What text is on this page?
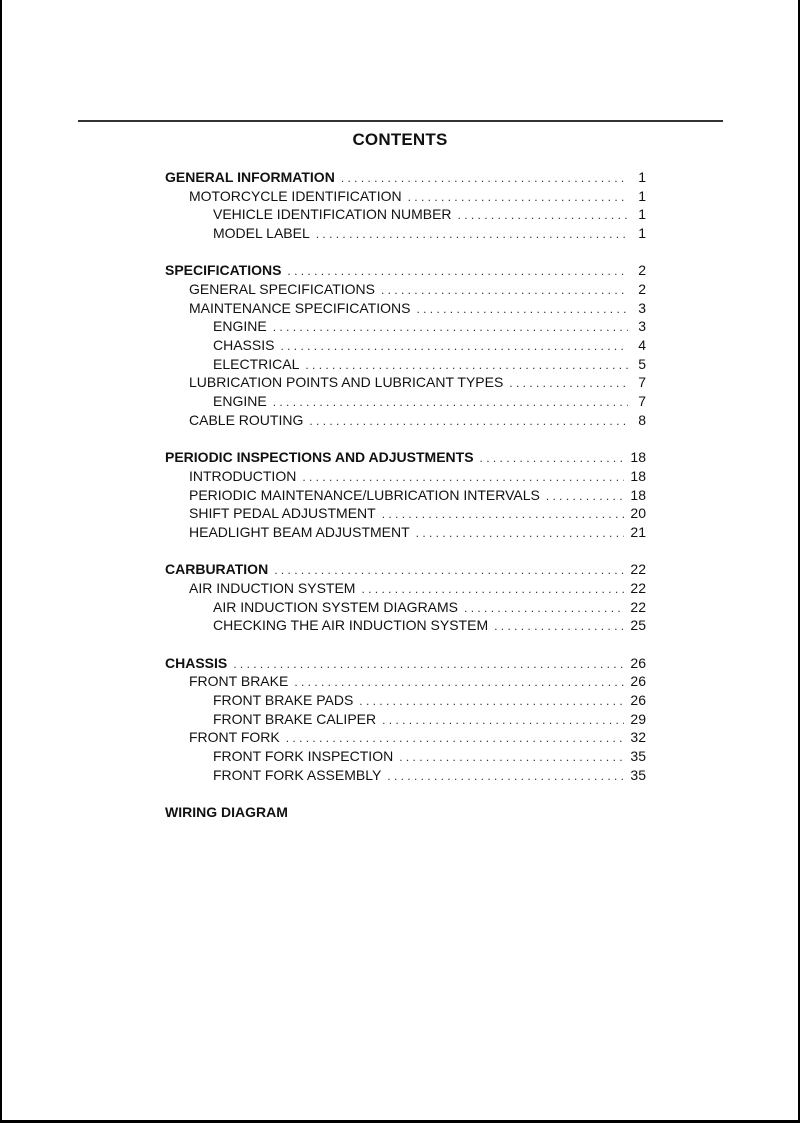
CONTENTS
GENERAL INFORMATION . . .	1
MOTORCYCLE IDENTIFICATION . . .	1
VEHICLE IDENTIFICATION NUMBER . . .	1
MODEL LABEL . . .	1
SPECIFICATIONS . . .	2
GENERAL SPECIFICATIONS . . .	2
MAINTENANCE SPECIFICATIONS . . .	3
ENGINE . . .	3
CHASSIS . . .	4
ELECTRICAL . . .	5
LUBRICATION POINTS AND LUBRICANT TYPES . . .	7
ENGINE . . .	7
CABLE ROUTING . . .	8
PERIODIC INSPECTIONS AND ADJUSTMENTS . . .	18
INTRODUCTION . . .	18
PERIODIC MAINTENANCE/LUBRICATION INTERVALS . . .	18
SHIFT PEDAL ADJUSTMENT . . .	20
HEADLIGHT BEAM ADJUSTMENT . . .	21
CARBURATION . . .	22
AIR INDUCTION SYSTEM . . .	22
AIR INDUCTION SYSTEM DIAGRAMS . . .	22
CHECKING THE AIR INDUCTION SYSTEM . . .	25
CHASSIS . . .	26
FRONT BRAKE . . .	26
FRONT BRAKE PADS . . .	26
FRONT BRAKE CALIPER . . .	29
FRONT FORK . . .	32
FRONT FORK INSPECTION . . .	35
FRONT FORK ASSEMBLY . . .	35
WIRING DIAGRAM
